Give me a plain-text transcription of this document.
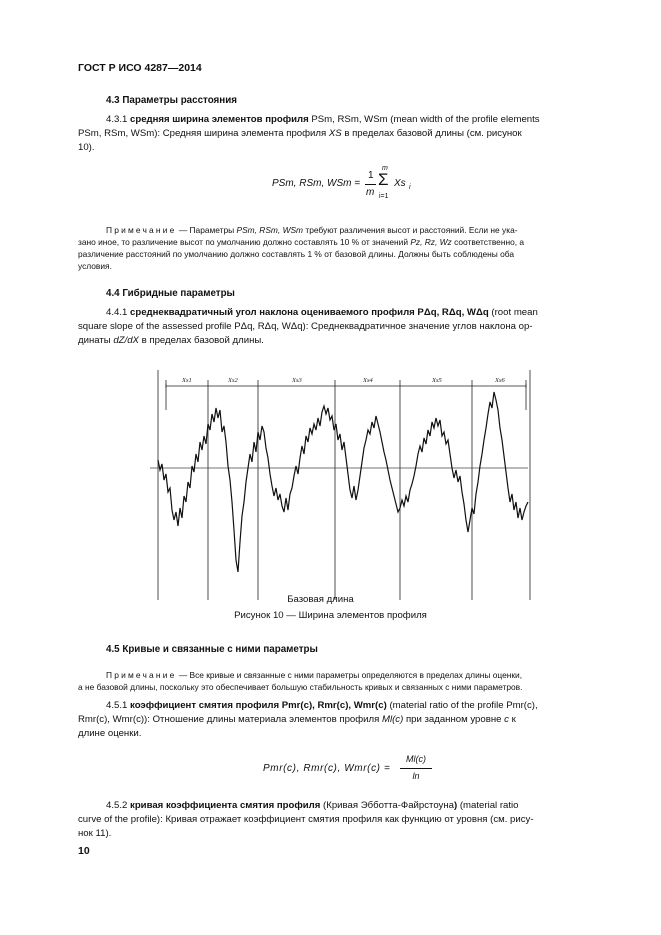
ГОСТ Р ИСО 4287—2014
4.3 Параметры расстояния
4.3.1 средняя ширина элементов профиля PSm, RSm, WSm (mean width of the profile elements
PSm, RSm, WSm): Средняя ширина элемента профиля XS в пределах базовой длины (см. рисунок
10).
PSm, RSm, WSm =
1
m
m
Σ
i=1
Xs i
Примечание — Параметры PSm, RSm, WSm требуют различения высот и расстояний. Если не ука-
зано иное, то различение высот по умолчанию должно составлять 10 % от значений Pz, Rz, Wz соответственно, а
различение расстояний по умолчанию должно составлять 1 % от базовой длины. Должны быть соблюдены оба
условия.
4.4 Гибридные параметры
4.4.1 среднеквадратичный угол наклона оцениваемого профиля PΔq, RΔq, WΔq (root mean
square slope of the assessed profile PΔq, RΔq, WΔq): Среднеквадратичное значение углов наклона ор-
динаты dZ/dX в пределах базовой длины.
Xs1	Xs2	Xs3	Xs4	Xs5	Xs6
Базовая длина
Рисунок 10 — Ширина элементов профиля
4.5 Кривые и связанные с ними параметры
Примечание — Все кривые и связанные с ними параметры определяются в пределах длины оценки,
а не базовой длины, поскольку это обеспечивает большую стабильность кривых и связанных с ними параметров.
4.5.1 коэффициент смятия профиля Pmr(c), Rmr(c), Wmr(c) (material ratio of the profile Pmr(c),
Rmr(c), Wmr(c)): Отношение длины материала элементов профиля Ml(c) при заданном уровне c к
длине оценки.
Pmr(c), Rmr(c), Wmr(c) =
Ml(c)
ln
4.5.2 кривая коэффициента смятия профиля (Кривая Эбботта-Файрстоуна) (material ratio
curve of the profile): Кривая отражает коэффициент смятия профиля как функцию от уровня (см. рису-
нок 11).
10
